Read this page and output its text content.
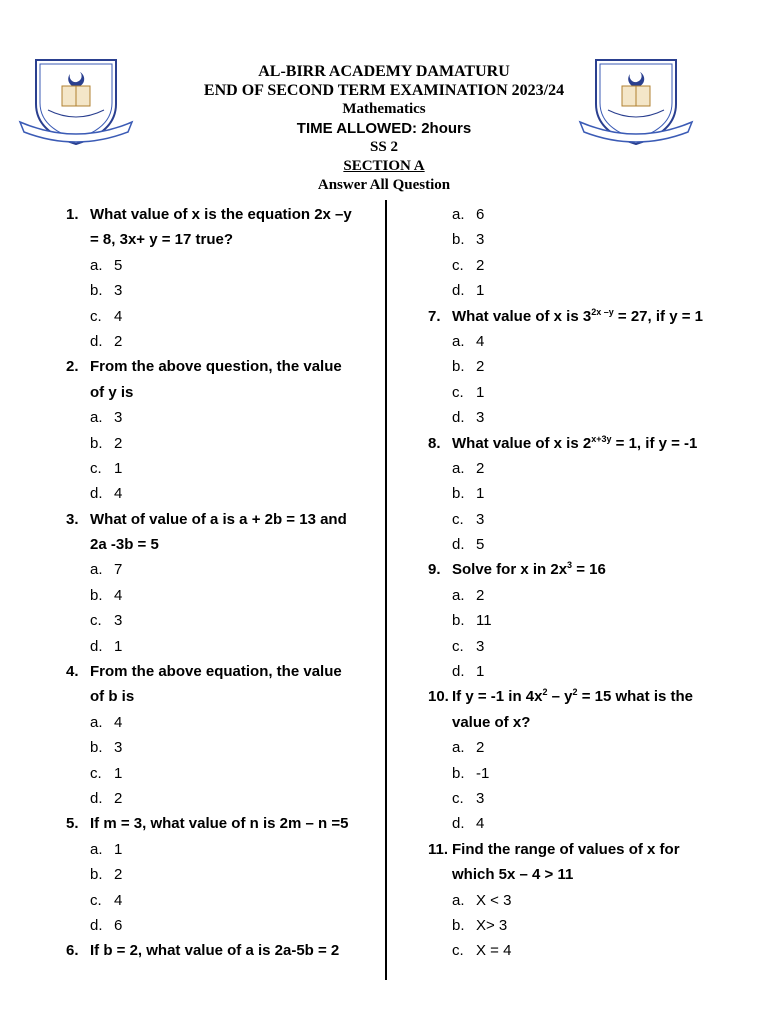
AL-BIRR ACADEMY DAMATURU
END OF SECOND TERM EXAMINATION 2023/24
Mathematics
TIME ALLOWED: 2hours
SS 2
SECTION A
Answer All Question
1. What value of x is the equation 2x –y
= 8, 3x+ y = 17 true?
a. 5
b. 3
c. 4
d. 2
2. From the above question, the value
of y is
a. 3
b. 2
c. 1
d. 4
3. What of value of a is a + 2b = 13 and
2a -3b = 5
a. 7
b. 4
c. 3
d. 1
4. From the above equation, the value
of b is
a. 4
b. 3
c. 1
d. 2
5. If m = 3, what value of n is 2m – n =5
a. 1
b. 2
c. 4
d. 6
6. If b = 2, what value of a is 2a-5b = 2
a. 6
b. 3
c. 2
d. 1
7. What value of x is $3^{2x -y} = 27$, if y = 1
a. 4
b. 2
c. 1
d. 3
8. What value of x is $2^{x+3y} = 1$, if y = -1
a. 2
b. 1
c. 3
d. 5
9. Solve for x in $2x^3 = 16$
a. 2
b. 11
c. 3
d. 1
10. If y = -1 in $4x^2 - y^2 = 15$ what is the
value of x?
a. 2
b. -1
c. 3
d. 4
11. Find the range of values of x for
which 5x – 4 > 11
a. X < 3
b. X> 3
c. X = 4
